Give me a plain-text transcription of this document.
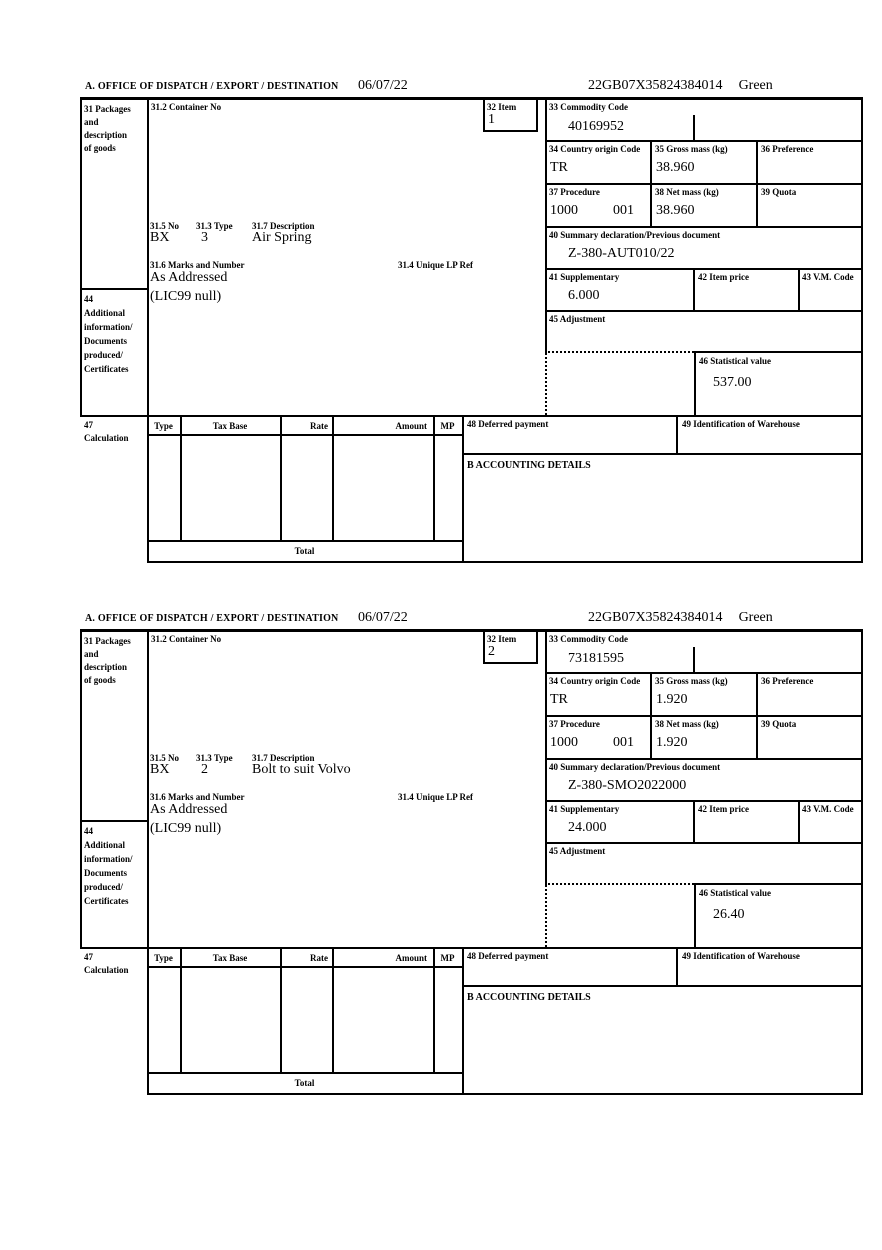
A. OFFICE OF DISPATCH / EXPORT / DESTINATION 06/07/22	22GB07X35824384014 Green
31 Packages
and
description
of goods
31.2 Container No	32 Item
1
31.5 No 31.3 Type 31.7 Description
BX 3	Air Spring
31.6 Marks and Number	31.4 Unique LP Ref
As Addressed
44
Additional
information/
Documents
produced/
Certificates
(LIC99 null)
33 Commodity Code
40169952
34 Country origin Code
TR
35 Gross mass (kg)
38.960
36 Preference
37 Procedure
1000	001
38 Net mass (kg)
38.960
39 Quota
40 Summary declaration/Previous document
Z-380-AUT010/22
41 Supplementary
6.000
42 Item price	43 V.M. Code
45 Adjustment
46 Statistical value
537.00
47
Calculation
Type	Tax Base	Rate	Amount	MP	48 Deferred payment	49 Identification of Warehouse
B ACCOUNTING DETAILS
Total
A. OFFICE OF DISPATCH / EXPORT / DESTINATION 06/07/22	22GB07X35824384014 Green
31 Packages
and
description
of goods
31.2 Container No	32 Item
2
31.5 No 31.3 Type 31.7 Description
BX 2	Bolt to suit Volvo
31.6 Marks and Number	31.4 Unique LP Ref
As Addressed
44
Additional
information/
Documents
produced/
Certificates
(LIC99 null)
33 Commodity Code
73181595
34 Country origin Code
TR
35 Gross mass (kg)
1.920
36 Preference
37 Procedure
1000	001
38 Net mass (kg)
1.920
39 Quota
40 Summary declaration/Previous document
Z-380-SMO2022000
41 Supplementary
24.000
42 Item price	43 V.M. Code
45 Adjustment
46 Statistical value
26.40
47
Calculation
Type	Tax Base	Rate	Amount	MP	48 Deferred payment	49 Identification of Warehouse
B ACCOUNTING DETAILS
Total
